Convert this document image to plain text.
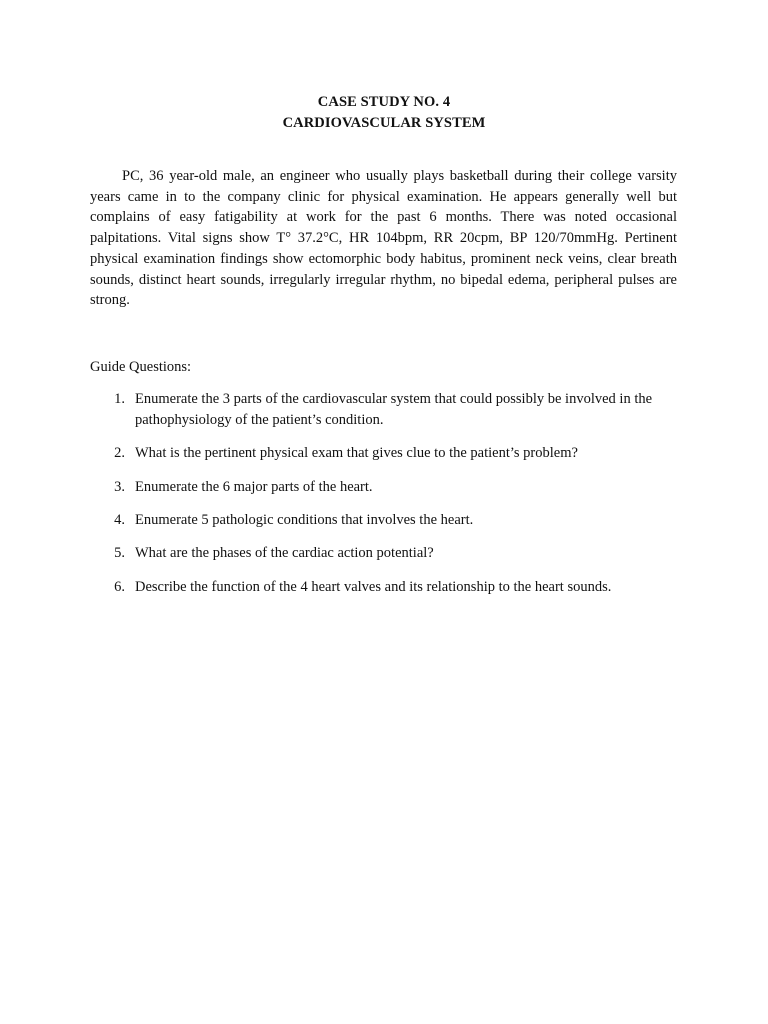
CASE STUDY NO. 4
CARDIOVASCULAR SYSTEM

PC, 36 year-old male, an engineer who usually plays basketball during their college varsity years came in to the company clinic for physical examination. He appears generally well but complains of easy fatigability at work for the past 6 months. There was noted occasional palpitations. Vital signs show T° 37.2°C, HR 104bpm, RR 20cpm, BP 120/70mmHg. Pertinent physical examination findings show ectomorphic body habitus, prominent neck veins, clear breath sounds, distinct heart sounds, irregularly irregular rhythm, no bipedal edema, peripheral pulses are strong.

Guide Questions:

1. Enumerate the 3 parts of the cardiovascular system that could possibly be involved in the pathophysiology of the patient’s condition.
2. What is the pertinent physical exam that gives clue to the patient’s problem?
3. Enumerate the 6 major parts of the heart.
4. Enumerate 5 pathologic conditions that involves the heart.
5. What are the phases of the cardiac action potential?
6. Describe the function of the 4 heart valves and its relationship to the heart sounds.
